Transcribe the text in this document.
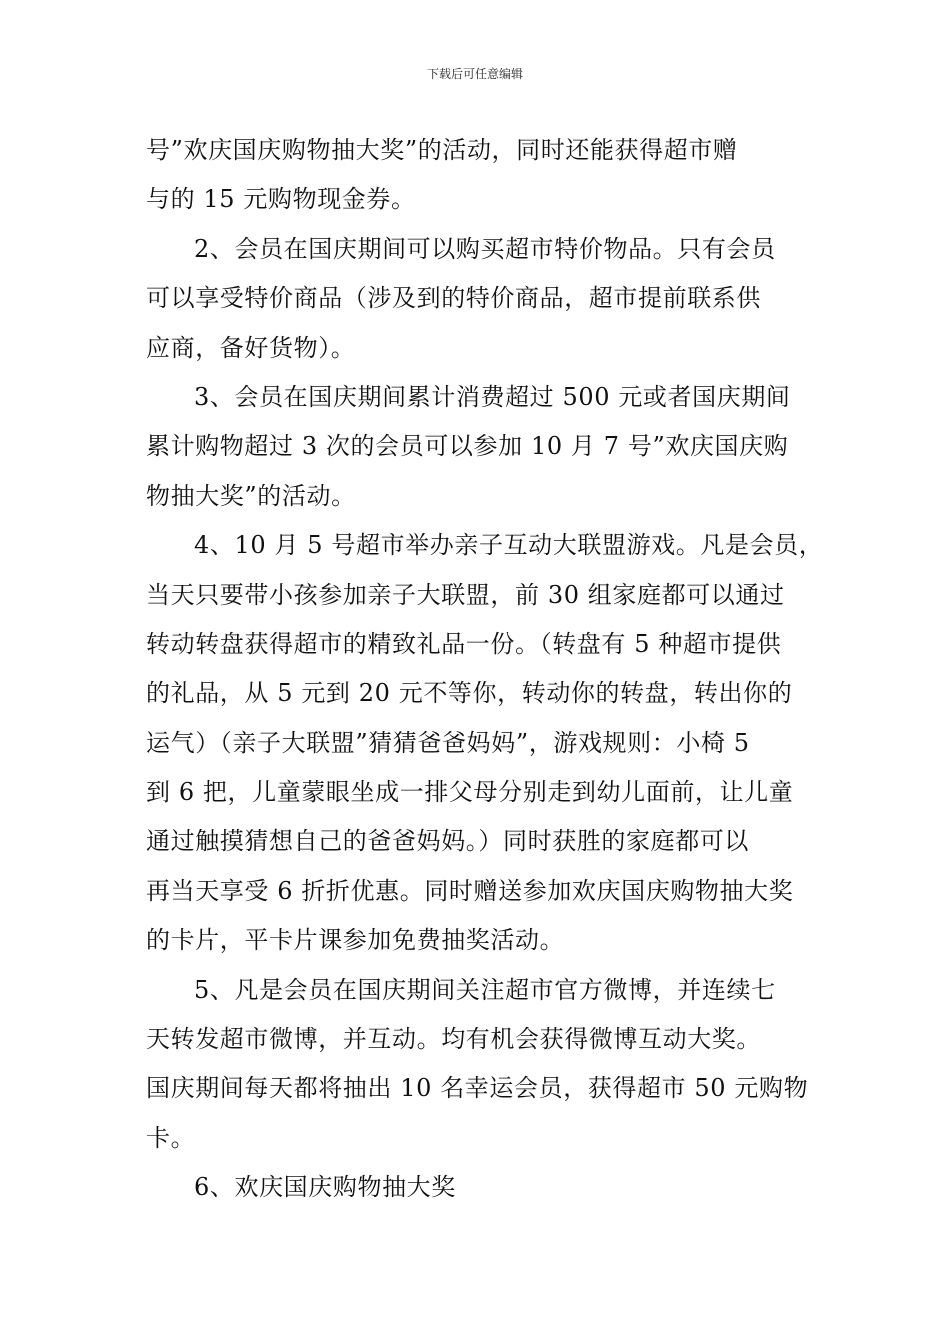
下载后可任意编辑
号”欢庆国庆购物抽大奖”的活动，同时还能获得超市赠
与的 15 元购物现金券。
2、会员在国庆期间可以购买超市特价物品。只有会员
可以享受特价商品（涉及到的特价商品，超市提前联系供
应商，备好货物）。
3、会员在国庆期间累计消费超过 500 元或者国庆期间
累计购物超过 3 次的会员可以参加 10 月 7 号”欢庆国庆购
物抽大奖”的活动。
4、10 月 5 号超市举办亲子互动大联盟游戏。凡是会员，
当天只要带小孩参加亲子大联盟，前 30 组家庭都可以通过
转动转盘获得超市的精致礼品一份。（转盘有 5 种超市提供
的礼品，从 5 元到 20 元不等你，转动你的转盘，转出你的
运气）（亲子大联盟”猜猜爸爸妈妈”，游戏规则：小椅 5
到 6 把，儿童蒙眼坐成一排父母分别走到幼儿面前，让儿童
通过触摸猜想自己的爸爸妈妈。）同时获胜的家庭都可以
再当天享受 6 折折优惠。同时赠送参加欢庆国庆购物抽大奖
的卡片，平卡片课参加免费抽奖活动。
5、凡是会员在国庆期间关注超市官方微博，并连续七
天转发超市微博，并互动。均有机会获得微博互动大奖。
国庆期间每天都将抽出 10 名幸运会员，获得超市 50 元购物
卡。
6、欢庆国庆购物抽大奖
